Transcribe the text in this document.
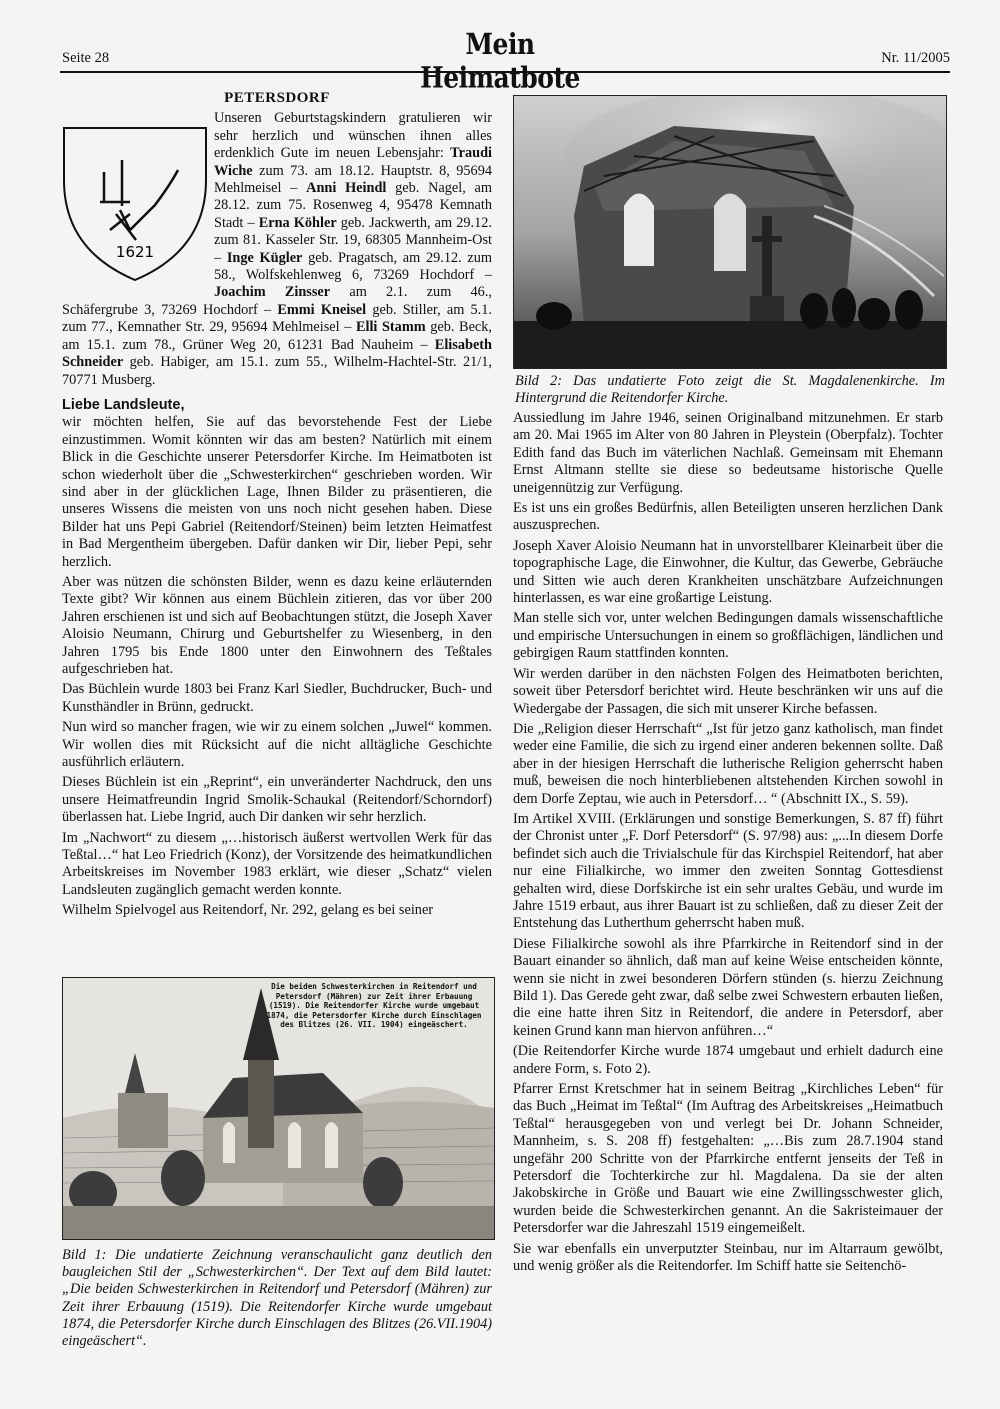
Seite 28	Mein Heimatbote
Nr. 11/2005
Bild 2: Das undatierte Foto zeigt die St. Magdalenenkirche. Im Hintergrund die Reitendorfer Kirche.
PETERSDORF
1621

Unseren Geburtstagskindern gratulieren wir sehr herzlich und wünschen ihnen alles erdenklich Gute im neuen Lebensjahr: Traudi Wiche zum 73. am 18.12. Hauptstr. 8, 95694 Mehlmeisel – Anni Heindl geb. Nagel, am 28.12. zum 75. Rosenweg 4, 95478 Kemnath Stadt – Erna Köhler geb. Jackwerth, am 29.12. zum 81. Kasseler Str. 19, 68305 Mannheim-Ost – Inge Kügler geb. Pragatsch, am 29.12. zum 58., Wolfskehlenweg 6, 73269 Hochdorf – Joachim Zinsser am 2.1. zum 46., Schäfergrube 3, 73269 Hochdorf – Emmi Kneisel geb. Stiller, am 5.1. zum 77., Kemnather Str. 29, 95694 Mehlmeisel – Elli Stamm geb. Beck, am 15.1. zum 78., Grüner Weg 20, 61231 Bad Nauheim – Elisabeth Schneider geb. Habiger, am 15.1. zum 55., Wilhelm-Hachtel-Str. 21/1, 70771 Musberg.

Liebe Landsleute,

wir möchten helfen, Sie auf das bevorstehende Fest der Liebe einzustimmen. Womit könnten wir das am besten? Natürlich mit einem Blick in die Geschichte unserer Petersdorfer Kirche. Im Heimatboten ist schon wiederholt über die „Schwesterkirchen“ geschrieben worden. Wir sind aber in der glücklichen Lage, Ihnen Bilder zu präsentieren, die unseres Wissens die meisten von uns noch nicht gesehen haben. Diese Bilder hat uns Pepi Gabriel (Reitendorf/Steinen) beim letzten Heimatfest in Bad Mergentheim übergeben. Dafür danken wir Dir, lieber Pepi, sehr herzlich.

Aber was nützen die schönsten Bilder, wenn es dazu keine erläuternden Texte gibt? Wir können aus einem Büchlein zitieren, das vor über 200 Jahren erschienen ist und sich auf Beobachtungen stützt, die Joseph Xaver Aloisio Neumann, Chirurg und Geburtshelfer zu Wiesenberg, in den Jahren 1795 bis Ende 1800 unter den Einwohnern des Teßtales aufgeschrieben hat.

Das Büchlein wurde 1803 bei Franz Karl Siedler, Buchdrucker, Buch- und Kunsthändler in Brünn, gedruckt.

Nun wird so mancher fragen, wie wir zu einem solchen „Juwel“ kommen. Wir wollen dies mit Rücksicht auf die nicht alltägliche Geschichte ausführlich erläutern.

Dieses Büchlein ist ein „Reprint“, ein unveränderter Nachdruck, den uns unsere Heimatfreundin Ingrid Smolik-Schaukal (Reitendorf/Schorndorf) überlassen hat. Liebe Ingrid, auch Dir danken wir sehr herzlich.

Im „Nachwort“ zu diesem „…historisch äußerst wertvollen Werk für das Teßtal…“ hat Leo Friedrich (Konz), der Vorsitzende des heimatkundlichen Arbeitskreises im November 1983 erklärt, wie dieser „Schatz“ vielen Landsleuten zugänglich gemacht werden konnte.

Wilhelm Spielvogel aus Reitendorf, Nr. 292, gelang es bei seiner

Die beiden Schwesterkirchen in Reitendorf und Petersdorf (Mähren) zur Zeit ihrer Erbauung (1519). Die Reitendorfer Kirche wurde umgebaut 1874, die Petersdorfer Kirche durch Einschlagen des Blitzes (26. VII. 1904) eingeäschert.
Bild 1: Die undatierte Zeichnung veranschaulicht ganz deutlich den baugleichen Stil der „Schwesterkirchen“. Der Text auf dem Bild lautet: „Die beiden Schwesterkirchen in Reitendorf und Petersdorf (Mähren) zur Zeit ihrer Erbauung (1519). Die Reitendorfer Kirche wurde umgebaut 1874, die Petersdorfer Kirche durch Einschlagen des Blitzes (26.VII.1904) eingeäschert“.

Aussiedlung im Jahre 1946, seinen Originalband mitzunehmen. Er starb am 20. Mai 1965 im Alter von 80 Jahren in Pleystein (Oberpfalz). Tochter Edith fand das Buch im väterlichen Nachlaß. Gemeinsam mit Ehemann Ernst Altmann stellte sie diese so bedeutsame historische Quelle uneigennützig zur Verfügung.

Es ist uns ein großes Bedürfnis, allen Beteiligten unseren herzlichen Dank auszusprechen.

Joseph Xaver Aloisio Neumann hat in unvorstellbarer Kleinarbeit über die topographische Lage, die Einwohner, die Kultur, das Gewerbe, Gebräuche und Sitten wie auch deren Krankheiten unschätzbare Aufzeichnungen hinterlassen, es war eine großartige Leistung.

Man stelle sich vor, unter welchen Bedingungen damals wissenschaftliche und empirische Untersuchungen in einem so großflächigen, ländlichen und gebirgigen Raum stattfinden konnten.

Wir werden darüber in den nächsten Folgen des Heimatboten berichten, soweit über Petersdorf berichtet wird. Heute beschränken wir uns auf die Wiedergabe der Passagen, die sich mit unserer Kirche befassen.

Die „Religion dieser Herrschaft“ „Ist für jetzo ganz katholisch, man findet weder eine Familie, die sich zu irgend einer anderen bekennen sollte. Daß aber in der hiesigen Herrschaft die lutherische Religion geherrscht haben muß, beweisen die noch hinterbliebenen altstehenden Kirchen sowohl in dem Dorfe Zeptau, wie auch in Petersdorf… “ (Abschnitt IX., S. 59).

Im Artikel XVIII. (Erklärungen und sonstige Bemerkungen, S. 87 ff) führt der Chronist unter „F. Dorf Petersdorf“ (S. 97/98) aus: „...In diesem Dorfe befindet sich auch die Trivialschule für das Kirchspiel Reitendorf, hat aber nur eine Filialkirche, wo immer den zweiten Sonntag Gottesdienst gehalten wird, diese Dorfskirche ist ein sehr uraltes Gebäu, und wurde im Jahre 1519 erbaut, aus ihrer Bauart ist zu schließen, daß zu dieser Zeit der Entstehung das Lutherthum geherrscht haben muß.

Diese Filialkirche sowohl als ihre Pfarrkirche in Reitendorf sind in der Bauart einander so ähnlich, daß man auf keine Weise entscheiden könnte, wenn sie nicht in zwei besonderen Dörfern stünden (s. hierzu Zeichnung Bild 1). Das Gerede geht zwar, daß selbe zwei Schwestern erbauten ließen, die eine hatte ihren Sitz in Reitendorf, die andere in Petersdorf, aber keinen Grund kann man hiervon anführen…“

(Die Reitendorfer Kirche wurde 1874 umgebaut und erhielt dadurch eine andere Form, s. Foto 2).

Pfarrer Ernst Kretschmer hat in seinem Beitrag „Kirchliches Leben“ für das Buch „Heimat im Teßtal“ (Im Auftrag des Arbeitskreises „Heimatbuch Teßtal“ herausgegeben von und verlegt bei Dr. Johann Schneider, Mannheim, s. S. 208 ff) festgehalten: „…Bis zum 28.7.1904 stand ungefähr 200 Schritte von der Pfarrkirche entfernt jenseits der Teß in Petersdorf die Tochterkirche zur hl. Magdalena. Da sie der alten Jakobskirche in Größe und Bauart wie eine Zwillingsschwester glich, wurden beide die Schwesterkirchen genannt. An die Sakristeimauer der Petersdorfer war die Jahreszahl 1519 eingemeißelt.

Sie war ebenfalls ein unverputzter Steinbau, nur im Altarraum gewölbt, und wenig größer als die Reitendorfer. Im Schiff hatte sie Seitenchö-
